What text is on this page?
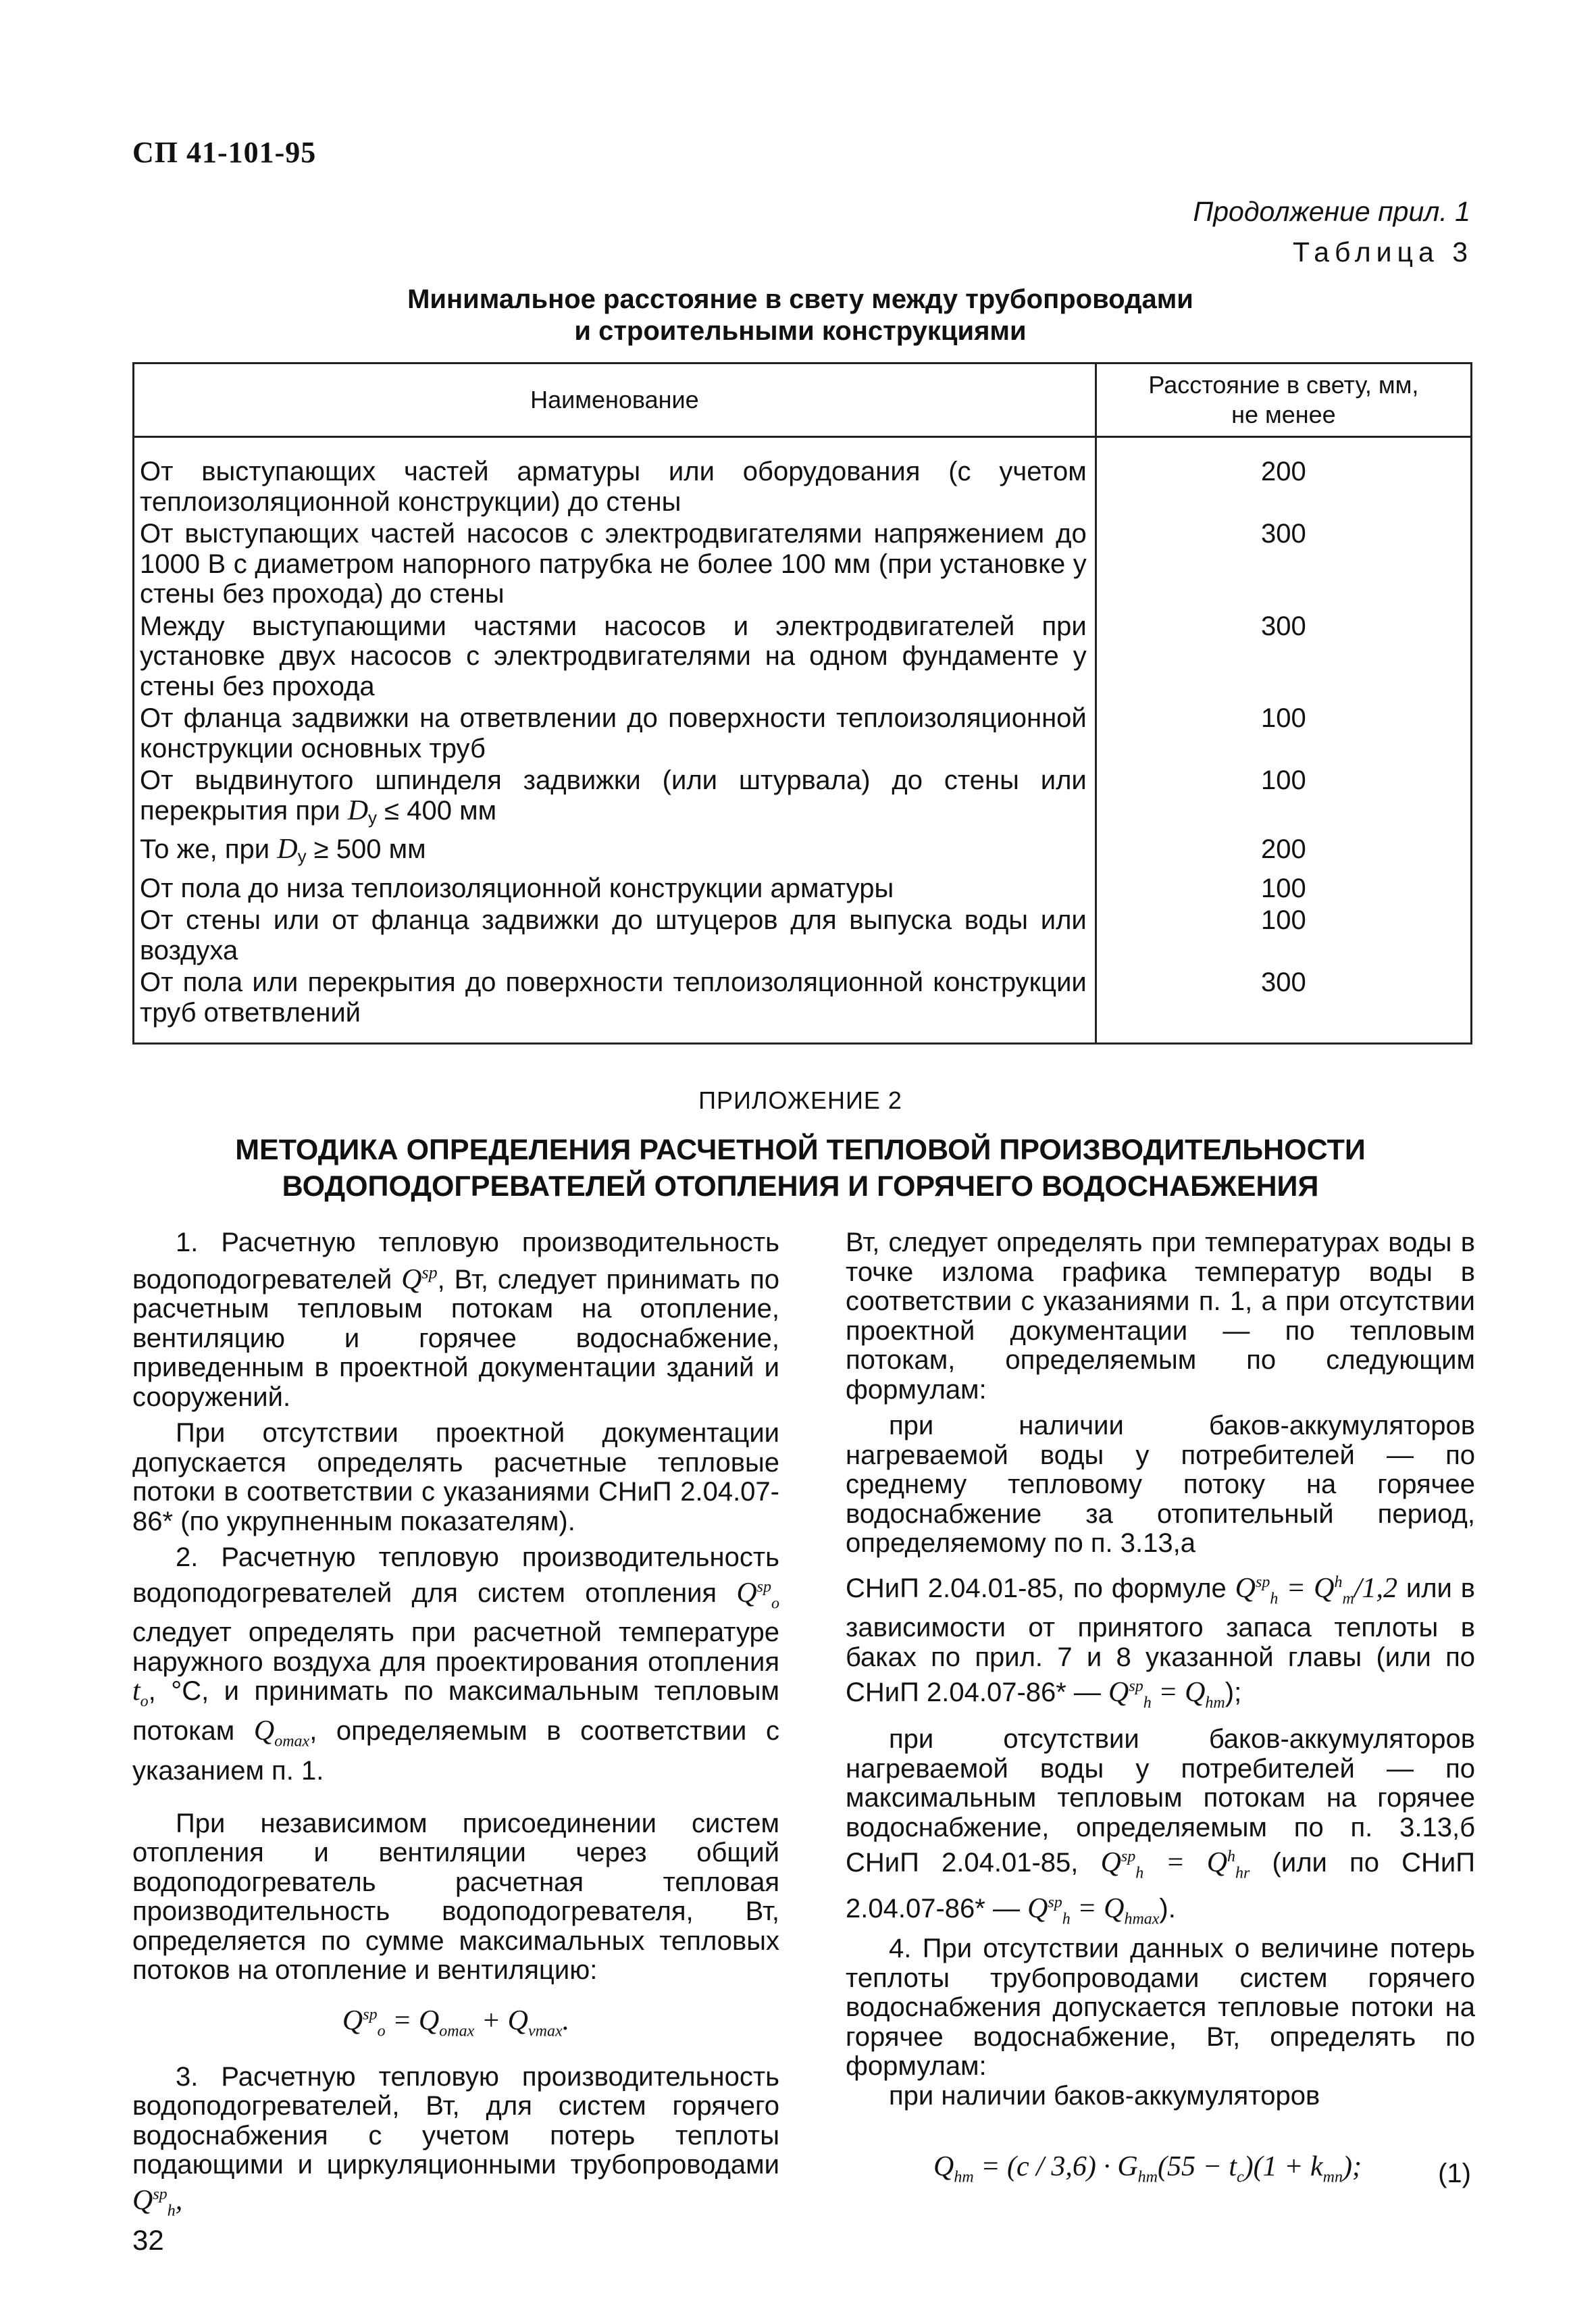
СП 41-101-95
Продолжение прил. 1
Таблица 3
Минимальное расстояние в свету между трубопроводами
и строительными конструкциями
Наименование	Расстояние в свету, мм,
не менее

От выступающих частей арматуры или оборудования (с учетом теплоизоляционной конструкции) до стены	200
От выступающих частей насосов с электродвигателями напряжением до 1000 В с диаметром напорного патрубка не более 100 мм (при установке у стены без прохода) до стены	300
Между выступающими частями насосов и электродвигателей при установке двух насосов с электродвигателями на одном фундаменте у стены без прохода	300
От фланца задвижки на ответвлении до поверхности теплоизоляционной конструкции основных труб	100
От выдвинутого шпинделя задвижки (или штурвала) до стены или перекрытия при $D_у \le 400$ мм	100
То же, при $D_у \ge 500$ мм	200
От пола до низа теплоизоляционной конструкции арматуры	100
От стены или от фланца задвижки до штуцеров для выпуска воды или воздуха	100
От пола или перекрытия до поверхности теплоизоляционной конструкции труб ответвлений	300
ПРИЛОЖЕНИЕ 2
МЕТОДИКА ОПРЕДЕЛЕНИЯ РАСЧЕТНОЙ ТЕПЛОВОЙ ПРОИЗВОДИТЕЛЬНОСТИ
ВОДОПОДОГРЕВАТЕЛЕЙ ОТОПЛЕНИЯ И ГОРЯЧЕГО ВОДОСНАБЖЕНИЯ

1. Расчетную тепловую производительность водоподогревателей $Q^{sp}$, Вт, следует принимать по расчетным тепловым потокам на отопление, вентиляцию и горячее водоснабжение, приведенным в проектной документации зданий и сооружений.

При отсутствии проектной документации допускается определять расчетные тепловые потоки в соответствии с указаниями СНиП 2.04.07-86* (по укрупненным показателям).

2. Расчетную тепловую производительность водоподогревателей для систем отопления $Q^{sp}_o$ следует определять при расчетной температуре наружного воздуха для проектирования отопления $t_o$, °С, и принимать по максимальным тепловым потокам $Q_{omax}$, определяемым в соответствии с указанием п. 1.

При независимом присоединении систем отопления и вентиляции через общий водоподогреватель расчетная тепловая производительность водоподогревателя, Вт, определяется по сумме максимальных тепловых потоков на отопление и вентиляцию:

$Q^{sp}_o = Q_{omax} + Q_{vmax}$.

3. Расчетную тепловую производительность водоподогревателей, Вт, для систем горячего водоснабжения с учетом потерь теплоты подающими и циркуляционными трубопроводами $Q^{sp}_h$,

Вт, следует определять при температурах воды в точке излома графика температур воды в соответствии с указаниями п. 1, а при отсутствии проектной документации — по тепловым потокам, определяемым по следующим формулам:

при наличии баков-аккумуляторов нагреваемой воды у потребителей — по среднему тепловому потоку на горячее водоснабжение за отопительный период, определяемому по п. 3.13,а

СНиП 2.04.01-85, по формуле $Q^{sp}_h = Q^h_т/1,2$ или в зависимости от принятого запаса теплоты в баках по прил. 7 и 8 указанной главы (или по СНиП 2.04.07-86* — $Q^{sp}_h = Q_{hm}$);

при отсутствии баков-аккумуляторов нагреваемой воды у потребителей — по максимальным тепловым потокам на горячее водоснабжение, определяемым по п. 3.13,б СНиП 2.04.01-85, $Q^{sp}_h = Q^h_{hr}$ (или по СНиП 2.04.07-86* — $Q^{sp}_h = Q_{hmax}$).

4. При отсутствии данных о величине потерь теплоты трубопроводами систем горячего водоснабжения допускается тепловые потоки на горячее водоснабжение, Вт, определять по формулам:

при наличии баков-аккумуляторов

$Q_{hm} = (c / 3,6) \cdot G_{hm}(55 - t_c)(1 + k_{тп})$;	(1)
32
